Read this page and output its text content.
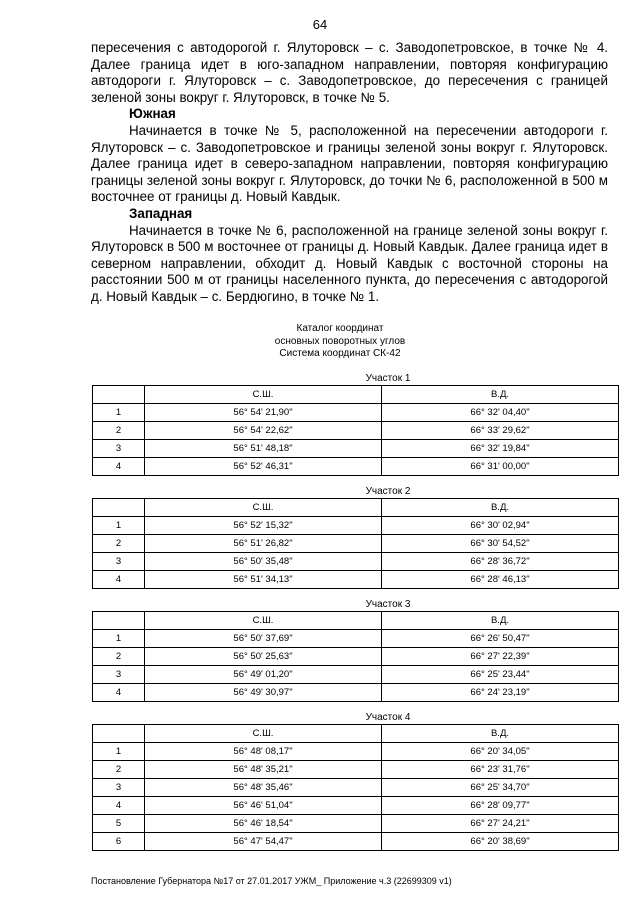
64

пересечения с автодорогой г. Ялуторовск – с. Заводопетровское, в точке № 4. Далее граница идет в юго-западном направлении, повторяя конфигурацию автодороги г. Ялуторовск – с. Заводопетровское, до пересечения с границей зеленой зоны вокруг г. Ялуторовск, в точке № 5.

Южная

Начинается в точке № 5, расположенной на пересечении автодороги г. Ялуторовск – с. Заводопетровское и границы зеленой зоны вокруг г. Ялуторовск. Далее граница идет в северо-западном направлении, повторяя конфигурацию границы зеленой зоны вокруг г. Ялуторовск, до точки № 6, расположенной в 500 м восточнее от границы д. Новый Кавдык.

Западная

Начинается в точке № 6, расположенной на границе зеленой зоны вокруг г. Ялуторовск в 500 м восточнее от границы д. Новый Кавдык. Далее граница идет в северном направлении, обходит д. Новый Кавдык с восточной стороны на расстоянии 500 м от границы населенного пункта, до пересечения с автодорогой д. Новый Кавдык – с. Бердюгино, в точке № 1.

Каталог координат
основных поворотных углов
Система координат СК-42
Участок 1
	С.Ш.	В.Д.
1	56° 54' 21,90"	66° 32' 04,40"
2	56° 54' 22,62"	66° 33' 29,62"
3	56° 51' 48,18"	66° 32' 19,84"
4	56° 52' 46,31"	66° 31' 00,00"
Участок 2
	С.Ш.	В.Д.
1	56° 52' 15,32"	66° 30' 02,94"
2	56° 51' 26,82"	66° 30' 54,52"
3	56° 50' 35,48"	66° 28' 36,72"
4	56° 51' 34,13"	66° 28' 46,13"
Участок 3
	С.Ш.	В.Д.
1	56° 50' 37,69"	66° 26' 50,47"
2	56° 50' 25,63"	66° 27' 22,39"
3	56° 49' 01,20"	66° 25' 23,44"
4	56° 49' 30,97"	66° 24' 23,19"
Участок 4
	С.Ш.	В.Д.
1	56° 48' 08,17"	66° 20' 34,05"
2	56° 48' 35,21"	66° 23' 31,76"
3	56° 48' 35,46"	66° 25' 34,70"
4	56° 46' 51,04"	66° 28' 09,77"
5	56° 46' 18,54"	66° 27' 24,21"
6	56° 47' 54,47"	66° 20' 38,69"
Постановление Губернатора №17 от 27.01.2017 УЖМ_ Приложение ч.3 (22699309 v1)
